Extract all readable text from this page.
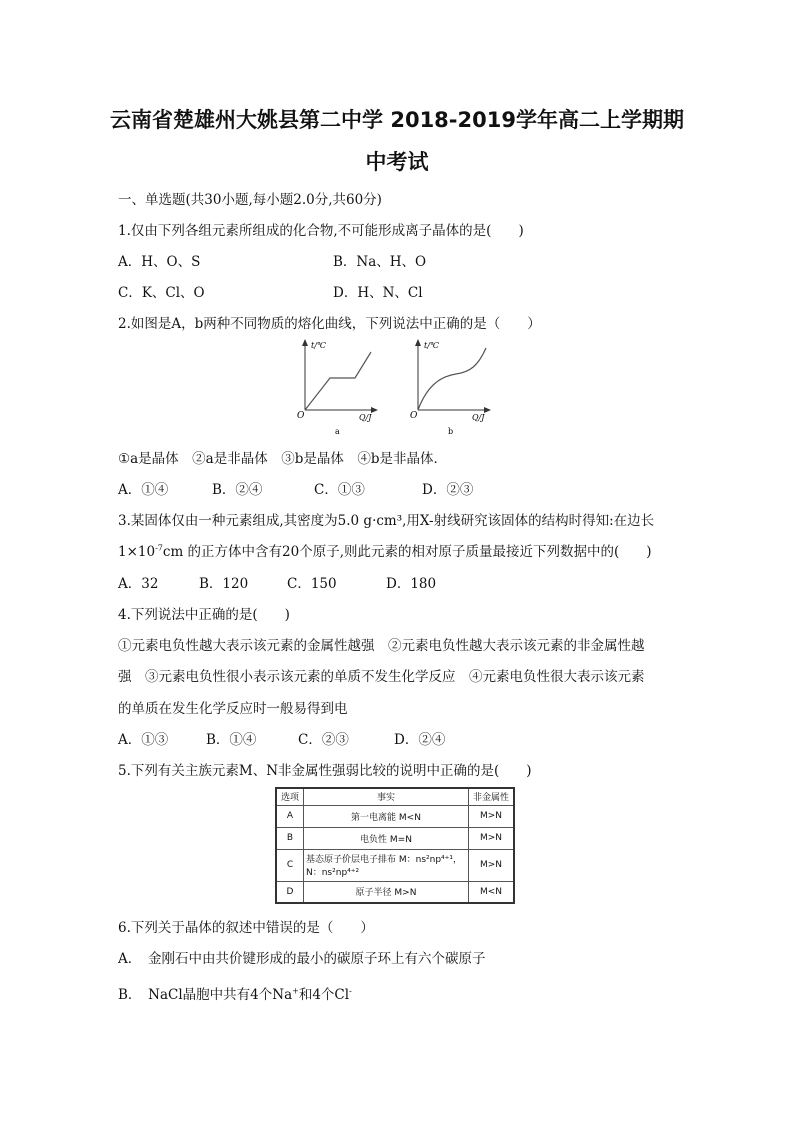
云南省楚雄州大姚县第二中学 2018-2019学年高二上学期期
中考试
一、单选题(共30小题,每小题2.0分,共60分)
1.仅由下列各组元素所组成的化合物,不可能形成离子晶体的是(　　)
A．H、O、S	B．Na、H、O
C．K、Cl、O	D．H、N、Cl
2.如图是A，b两种不同物质的熔化曲线，下列说法中正确的是（　　）
t/℃
O	Q/J
a
t/℃
O	Q/J
b
①a是晶体　②a是非晶体　③b是晶体　④b是非晶体．
A．①④	B．②④	C．①③	D．②③
3.某固体仅由一种元素组成,其密度为5.0 g·cm³,用X-射线研究该固体的结构时得知:在边长
$1\times 10^{-7}cm$ 的正方体中含有20个原子,则此元素的相对原子质量最接近下列数据中的(　　)
A．32	B．120	C．150	D．180
4.下列说法中正确的是(　　)
①元素电负性越大表示该元素的金属性越强　②元素电负性越大表示该元素的非金属性越
强　③元素电负性很小表示该元素的单质不发生化学反应　④元素电负性很大表示该元素
的单质在发生化学反应时一般易得到电
A．①③	B．①④	C．②③	D．②④
5.下列有关主族元素M、N非金属性强弱比较的说明中正确的是(　　)
选项	事实	非金属性
A	第一电离能 M<N	M>N
B	电负性 M=N	M>N
C	基态原子价层电子排布 M：ns²np⁴⁺¹，
N：ns²np⁴⁺²	M>N
D	原子半径 M>N	M<N
6.下列关于晶体的叙述中错误的是（　　）
A．　金刚石中由共价键形成的最小的碳原子环上有六个碳原子
B．　NaCl晶胞中共有4个Na+和4个Cl-
